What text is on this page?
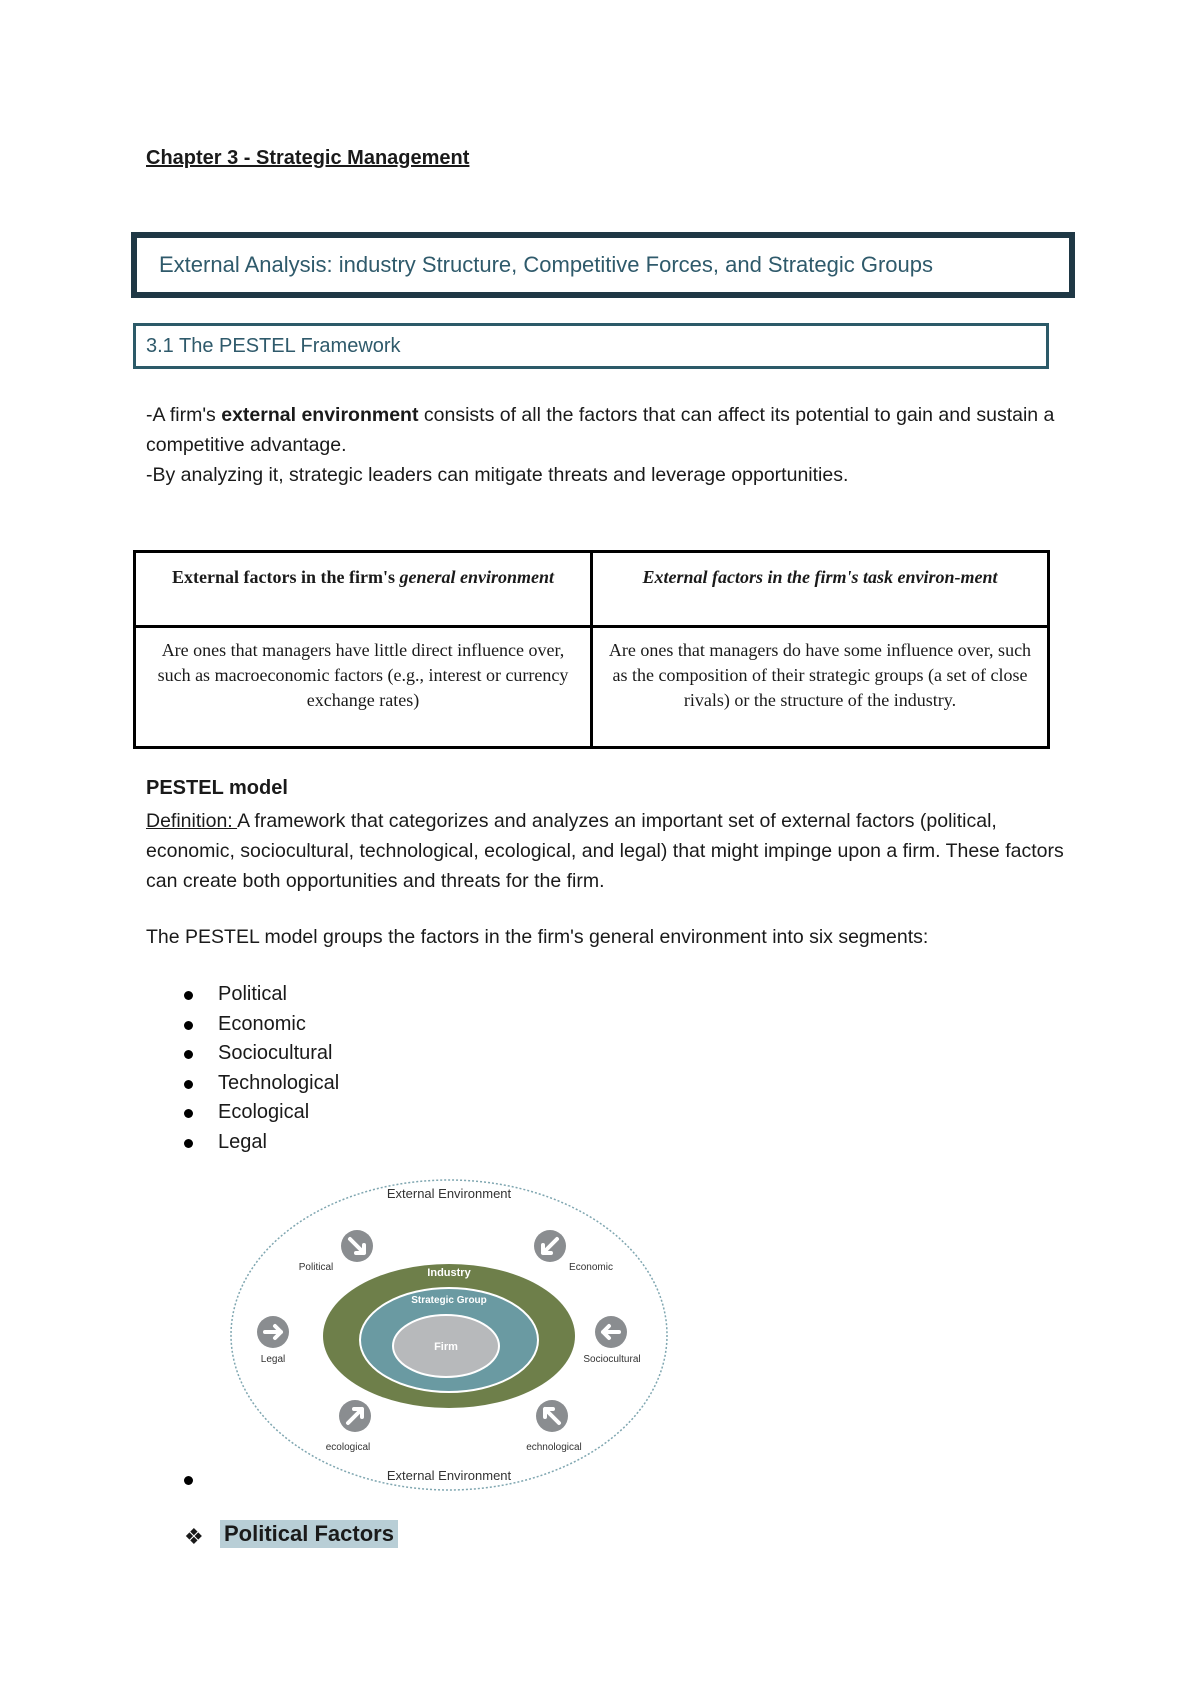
Chapter 3 - Strategic Management
External Analysis: industry Structure, Competitive Forces, and Strategic Groups
3.1 The PESTEL Framework
-A firm's external environment consists of all the factors that can affect its potential to gain and sustain a competitive advantage.
-By analyzing it, strategic leaders can mitigate threats and leverage opportunities.
External factors in the firm's general environment	External factors in the firm's task environ-ment
Are ones that managers have little direct influence over, such as macroeconomic factors (e.g., interest or currency exchange rates)	Are ones that managers do have some influence over, such as the composition of their strategic groups (a set of close rivals) or the structure of the industry.
PESTEL model
Definition: A framework that categorizes and analyzes an important set of external factors (political, economic, sociocultural, technological, ecological, and legal) that might impinge upon a firm. These factors can create both opportunities and threats for the firm.
The PESTEL model groups the factors in the firm's general environment into six segments:
Political
Economic
Sociocultural
Technological
Ecological
Legal
External Environment
External Environment
Industry
Strategic Group
Firm
Political	Economic
Legal	Sociocultural
ecological	echnological
❖ Political Factors
